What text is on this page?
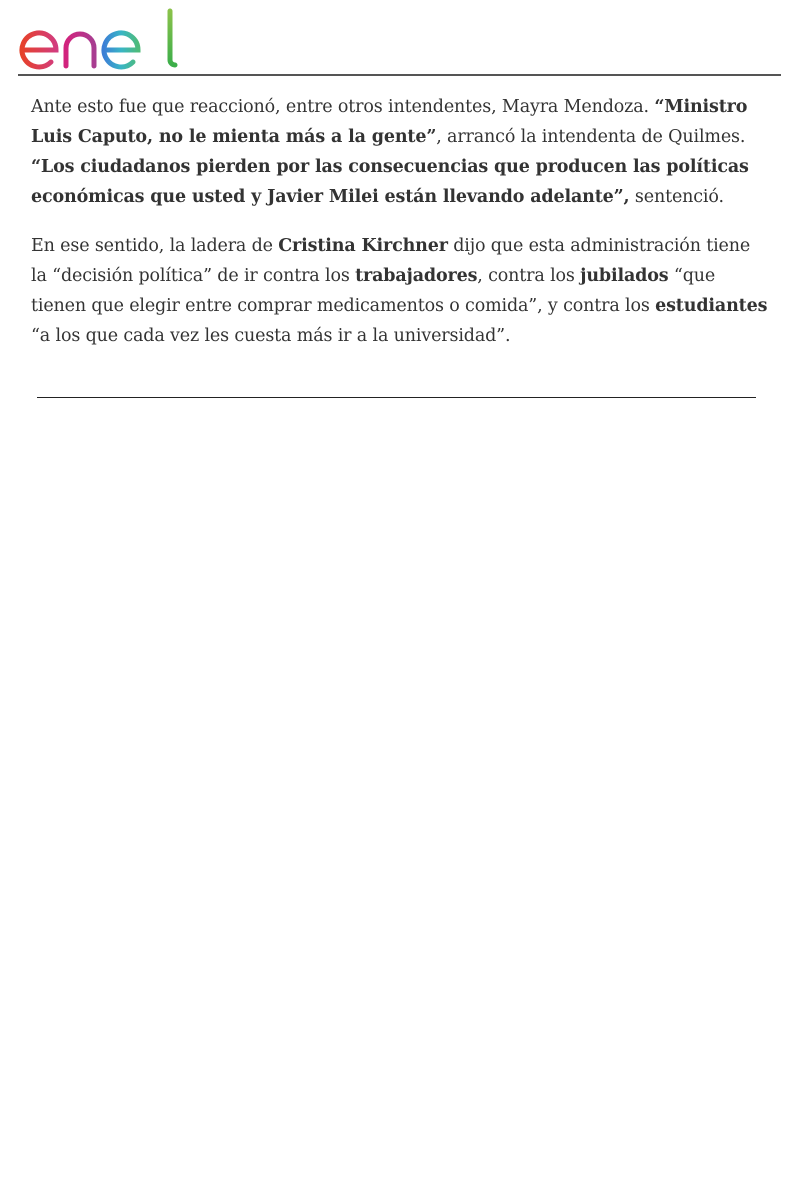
enel

Ante esto fue que reaccionó, entre otros intendentes, Mayra Mendoza. “Ministro Luis Caputo, no le mienta más a la gente”, arrancó la intendenta de Quilmes. “Los ciudadanos pierden por las consecuencias que producen las políticas económicas que usted y Javier Milei están llevando adelante”, sentenció.

En ese sentido, la ladera de Cristina Kirchner dijo que esta administración tiene la “decisión política” de ir contra los trabajadores, contra los jubilados “que tienen que elegir entre comprar medicamentos o comida”, y contra los estudiantes “a los que cada vez les cuesta más ir a la universidad”.
